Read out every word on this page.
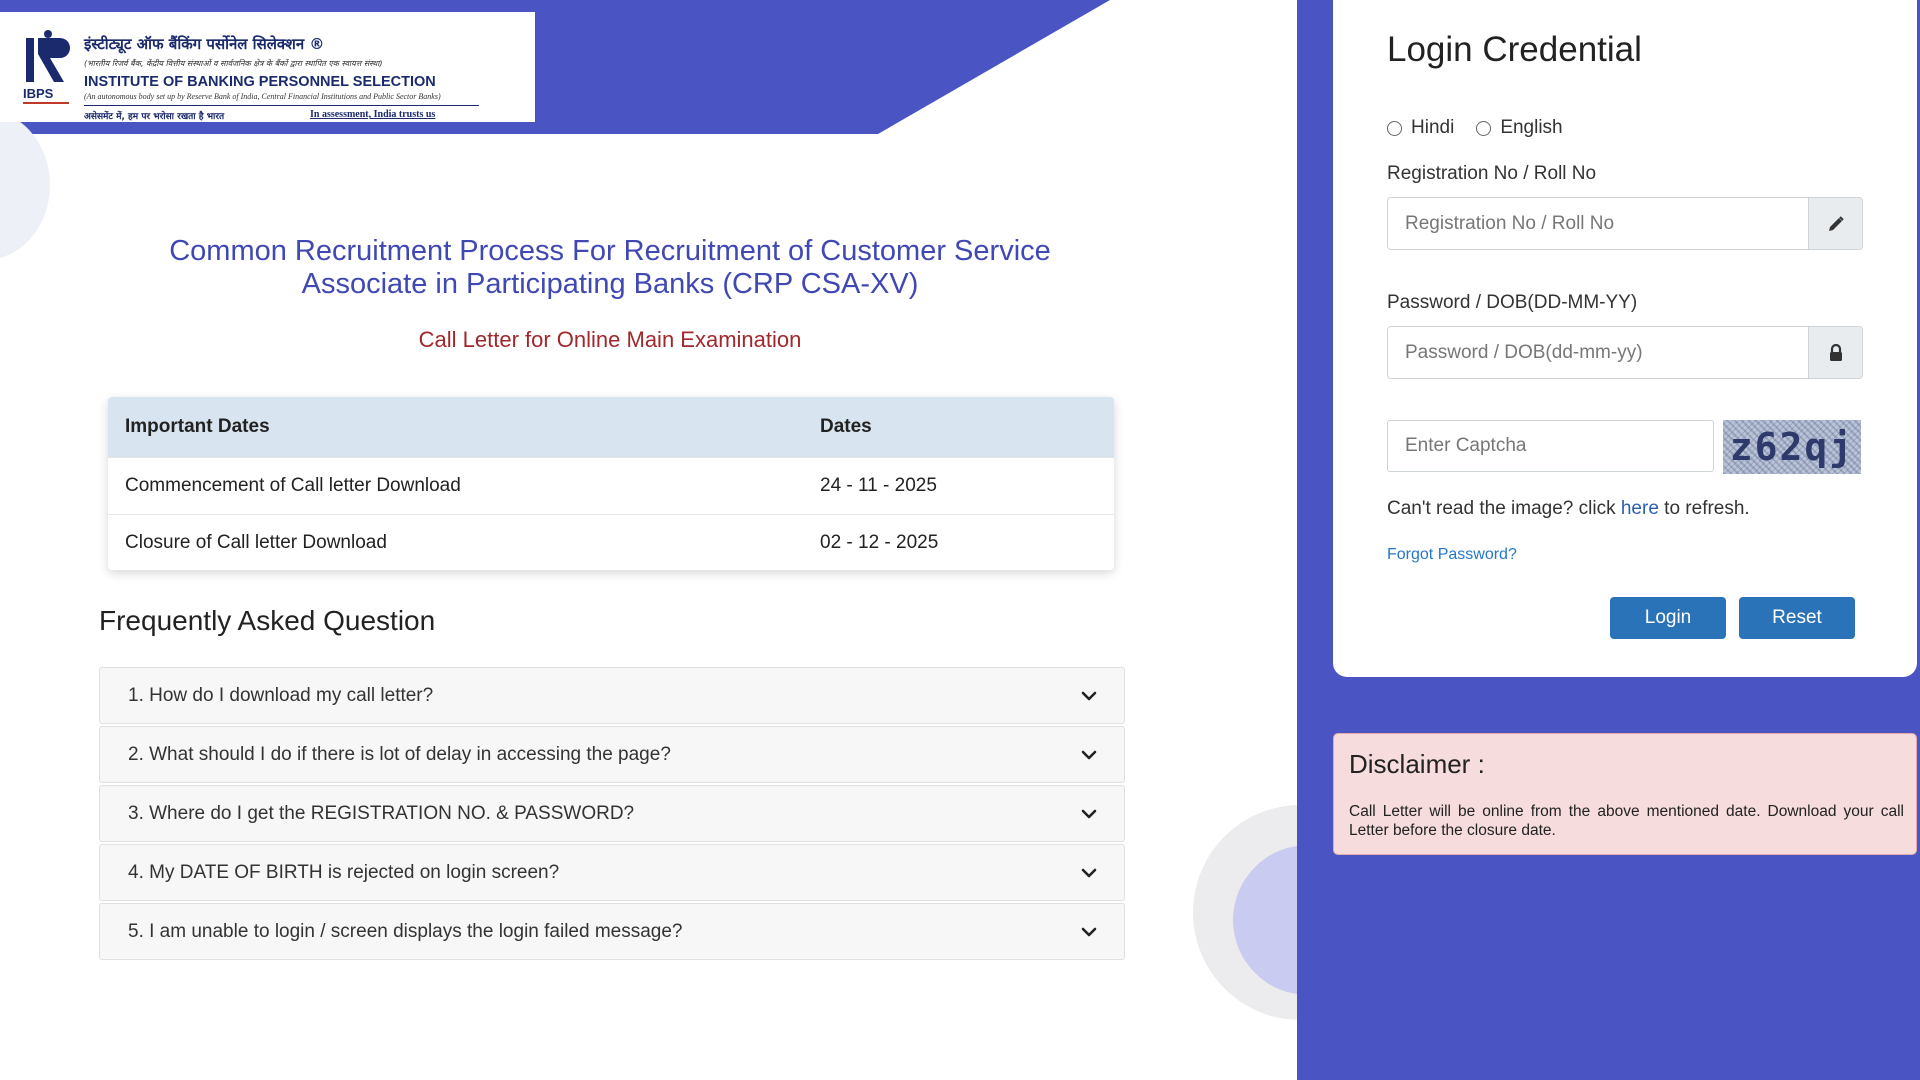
IBPS
इंस्टीट्यूट ऑफ बैंकिंग पर्सोनेल सिलेक्शन ®
(भारतीय रिजर्व बैंक, केंद्रीय वित्तीय संस्थाओं व सार्वजनिक क्षेत्र के बैंकों द्वारा स्थापित एक स्वायत्त संस्था)
INSTITUTE OF BANKING PERSONNEL SELECTION
(An autonomous body set up by Reserve Bank of India, Central Financial Institutions and Public Sector Banks)
असेसमेंट में, हम पर भरोसा रखता है भारत	In assessment, India trusts us
Common Recruitment Process For Recruitment of Customer Service Associate in Participating Banks (CRP CSA-XV)
Call Letter for Online Main Examination
Important Dates	Dates
Commencement of Call letter Download	24 - 11 - 2025
Closure of Call letter Download	02 - 12 - 2025
Frequently Asked Question
1. How do I download my call letter?
2. What should I do if there is lot of delay in accessing the page?
3. Where do I get the REGISTRATION NO. & PASSWORD?
4. My DATE OF BIRTH is rejected on login screen?
5. I am unable to login / screen displays the login failed message?
Login Credential
Hindi English
Registration No / Roll No
Registration No / Roll No
Password / DOB(DD-MM-YY)
Password / DOB(dd-mm-yy)
Enter Captcha	z62qj
Can't read the image? click here to refresh.
Forgot Password?
Login	Reset
Disclaimer :
Call Letter will be online from the above mentioned date. Download your call Letter before the closure date.
